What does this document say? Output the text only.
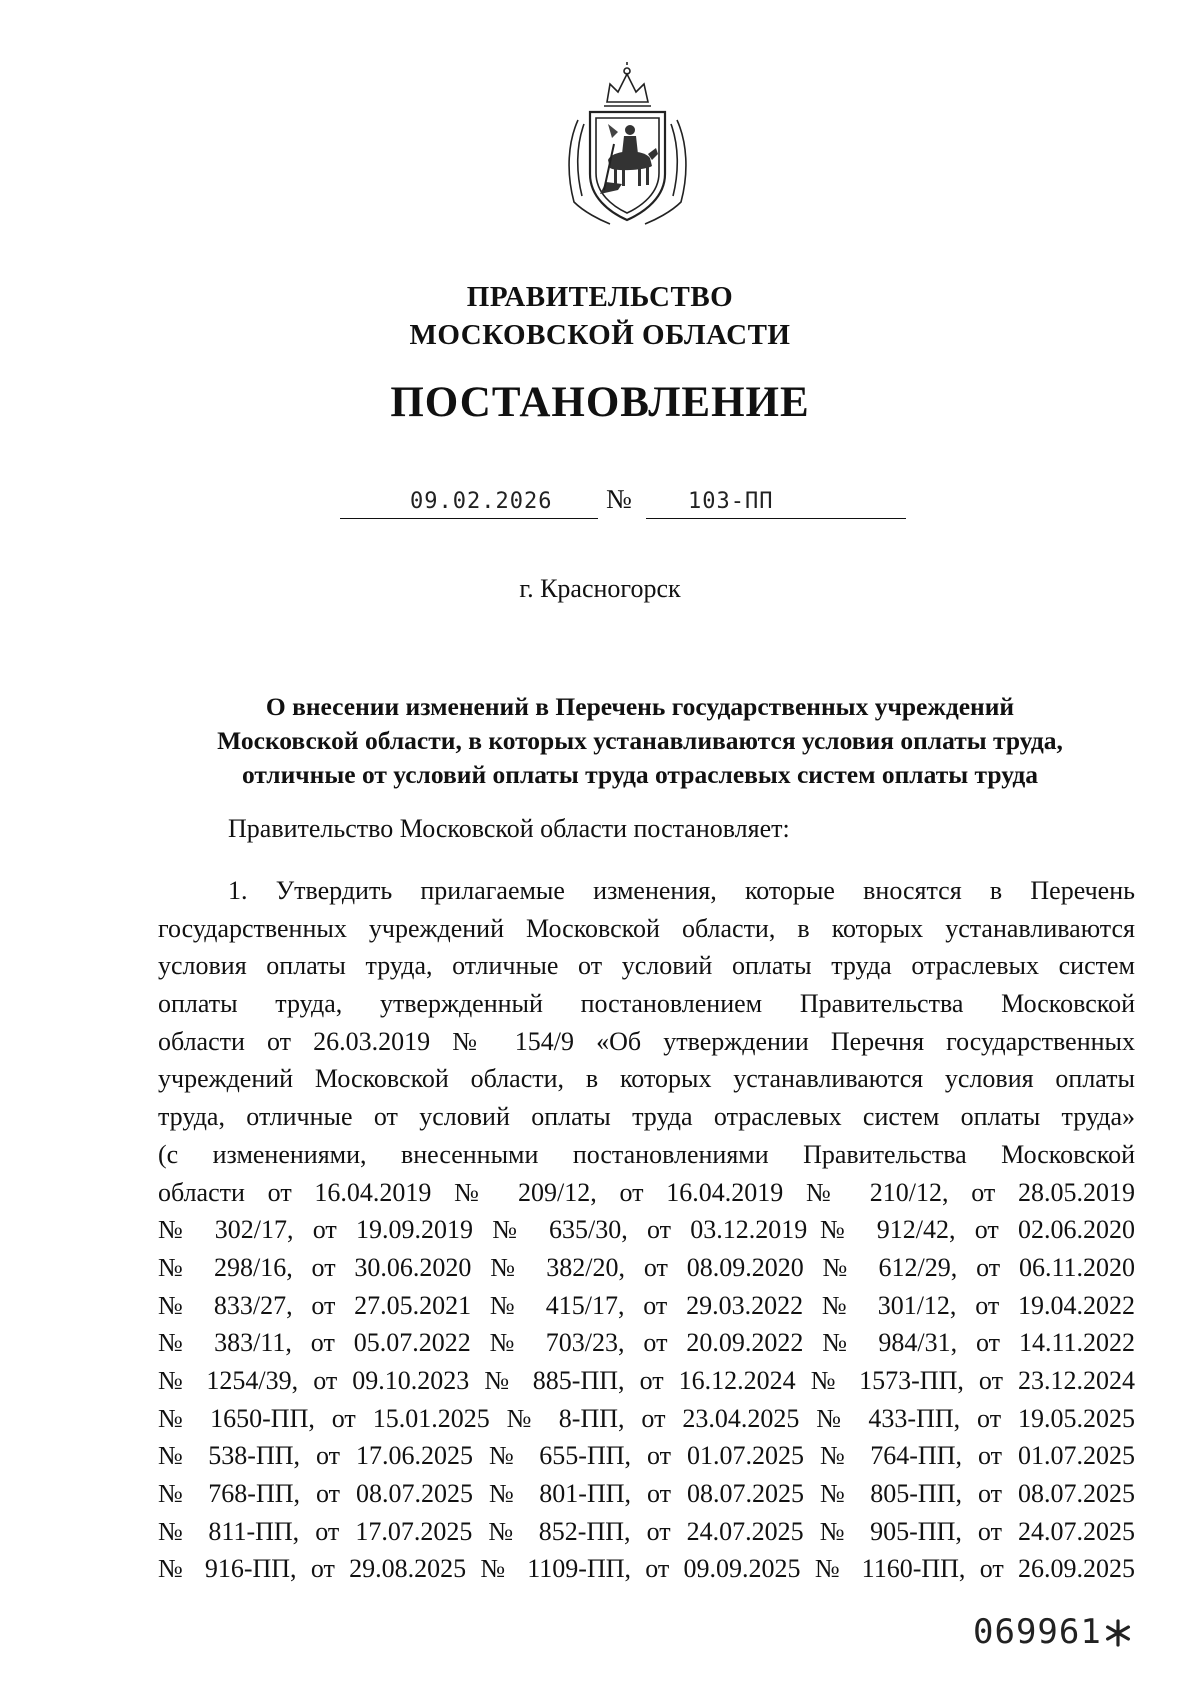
ПРАВИТЕЛЬСТВО
МОСКОВСКОЙ ОБЛАСТИ
ПОСТАНОВЛЕНИЕ
09.02.2026 №	103-ПП
г. Красногорск
О внесении изменений в Перечень государственных учреждений
Московской области, в которых устанавливаются условия оплаты труда,
отличные от условий оплаты труда отраслевых систем оплаты труда
Правительство Московской области постановляет:
1. Утвердить прилагаемые изменения, которые вносятся в Перечень
государственных учреждений Московской области, в которых устанавливаются
условия оплаты труда, отличные от условий оплаты труда отраслевых систем
оплаты труда, утвержденный постановлением Правительства Московской
области от 26.03.2019 № 154/9 «Об утверждении Перечня государственных
учреждений Московской области, в которых устанавливаются условия оплаты
труда, отличные от условий оплаты труда отраслевых систем оплаты труда»
(с изменениями, внесенными постановлениями Правительства Московской
области от 16.04.2019 № 209/12, от 16.04.2019 № 210/12, от 28.05.2019
№ 302/17, от 19.09.2019 № 635/30, от 03.12.2019№ 912/42, от 02.06.2020
№ 298/16, от 30.06.2020 № 382/20, от 08.09.2020 № 612/29, от 06.11.2020
№ 833/27, от 27.05.2021 № 415/17, от 29.03.2022 № 301/12, от 19.04.2022
№ 383/11, от 05.07.2022 № 703/23, от 20.09.2022 № 984/31, от 14.11.2022
№ 1254/39, от 09.10.2023 № 885-ПП, от 16.12.2024 № 1573-ПП, от 23.12.2024
№ 1650-ПП, от 15.01.2025 № 8-ПП, от 23.04.2025 № 433-ПП, от 19.05.2025
№ 538-ПП, от 17.06.2025 № 655-ПП, от 01.07.2025 № 764-ПП, от 01.07.2025
№ 768-ПП, от 08.07.2025 № 801-ПП, от 08.07.2025 № 805-ПП, от 08.07.2025
№ 811-ПП, от 17.07.2025 № 852-ПП, от 24.07.2025 № 905-ПП, от 24.07.2025
№ 916-ПП, от 29.08.2025 № 1109-ПП, от 09.09.2025 № 1160-ПП, от 26.09.2025
069961
